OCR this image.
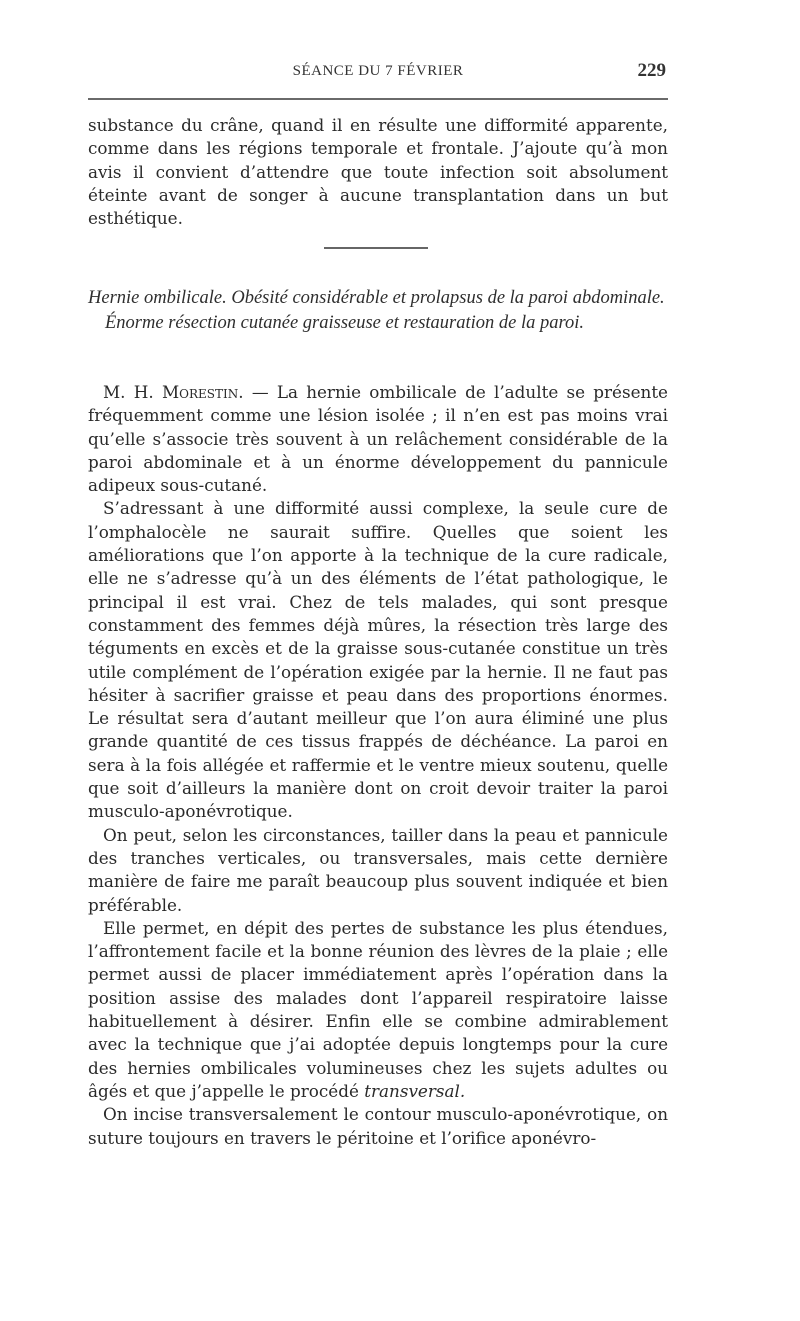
SÉANCE DU 7 FÉVRIER	229

substance du crâne, quand il en résulte une difformité apparente, comme dans les régions temporale et frontale. J’ajoute qu’à mon avis il convient d’attendre que toute infection soit absolument éteinte avant de songer à aucune transplantation dans un but esthétique.

Hernie ombilicale. Obésité considérable et prolapsus de la paroi abdominale. Énorme résection cutanée graisseuse et restauration de la paroi.

M. H. Morestin. — La hernie ombilicale de l’adulte se présente fréquemment comme une lésion isolée ; il n’en est pas moins vrai qu’elle s’associe très souvent à un relâchement considérable de la paroi abdominale et à un énorme développement du pannicule adipeux sous-cutané.

S’adressant à une difformité aussi complexe, la seule cure de l’omphalocèle ne saurait suffire. Quelles que soient les améliorations que l’on apporte à la technique de la cure radicale, elle ne s’adresse qu’à un des éléments de l’état pathologique, le principal il est vrai. Chez de tels malades, qui sont presque constamment des femmes déjà mûres, la résection très large des téguments en excès et de la graisse sous-cutanée constitue un très utile complément de l’opération exigée par la hernie. Il ne faut pas hésiter à sacrifier graisse et peau dans des proportions énormes. Le résultat sera d’autant meilleur que l’on aura éliminé une plus grande quantité de ces tissus frappés de déchéance. La paroi en sera à la fois allégée et raffermie et le ventre mieux soutenu, quelle que soit d’ailleurs la manière dont on croit devoir traiter la paroi musculo-aponévrotique.

On peut, selon les circonstances, tailler dans la peau et pannicule des tranches verticales, ou transversales, mais cette dernière manière de faire me paraît beaucoup plus souvent indiquée et bien préférable.

Elle permet, en dépit des pertes de substance les plus étendues, l’affrontement facile et la bonne réunion des lèvres de la plaie ; elle permet aussi de placer immédiatement après l’opération dans la position assise des malades dont l’appareil respiratoire laisse habituellement à désirer. Enfin elle se combine admirablement avec la technique que j’ai adoptée depuis longtemps pour la cure des hernies ombilicales volumineuses chez les sujets adultes ou âgés et que j’appelle le procédé transversal.

On incise transversalement le contour musculo-aponévrotique, on suture toujours en travers le péritoine et l’orifice aponévro-
